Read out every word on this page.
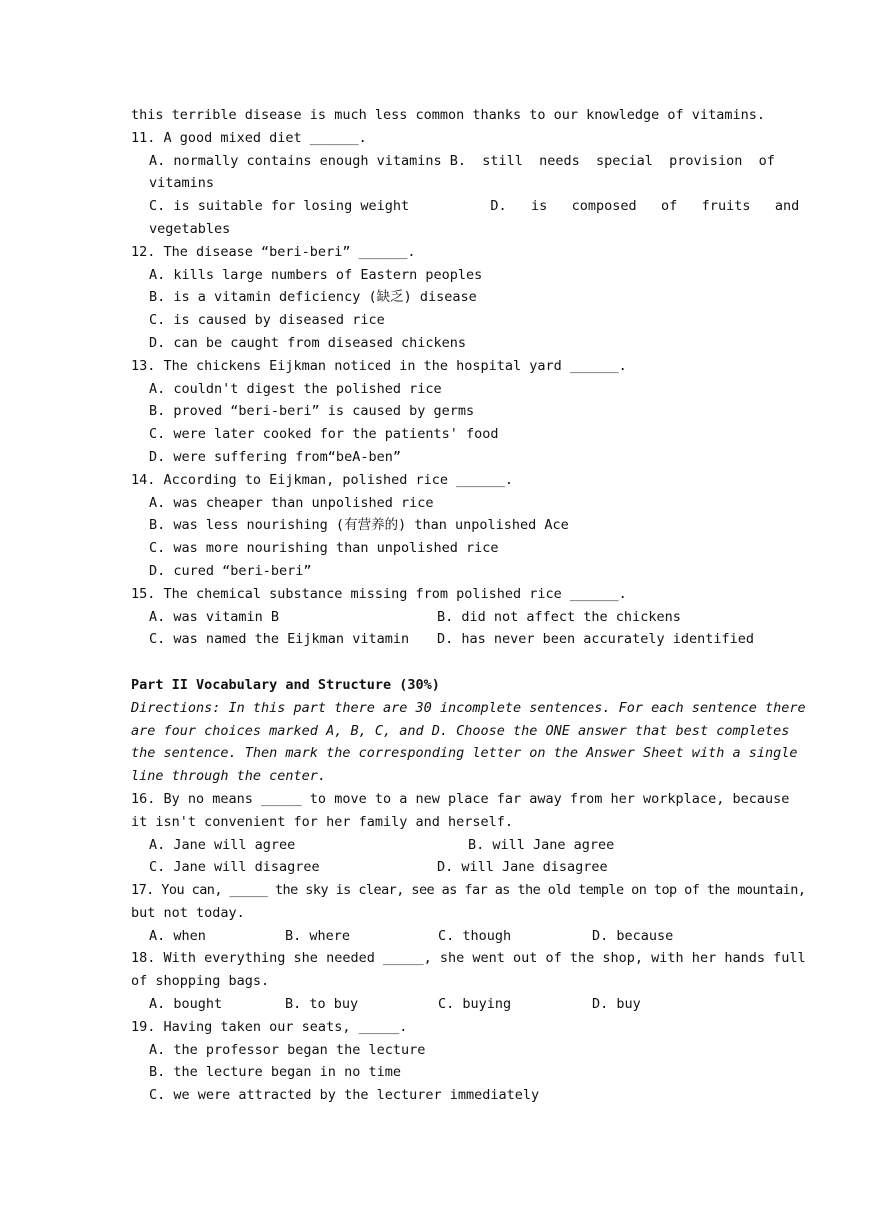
this terrible disease is much less common thanks to our knowledge of vitamins.
11. A good mixed diet ______.
A. normally contains enough vitamins B.  still  needs  special  provision  of
vitamins
C. is suitable for losing weight          D.   is   composed   of   fruits   and
vegetables
12. The disease “beri-beri” ______.
A. kills large numbers of Eastern peoples
B. is a vitamin deficiency (缺乏) disease
C. is caused by diseased rice
D. can be caught from diseased chickens
13. The chickens Eijkman noticed in the hospital yard ______.
A. couldn't digest the polished rice
B. proved “beri-beri” is caused by germs
C. were later cooked for the patients' food
D. were suffering from“beA-ben”
14. According to Eijkman, polished rice ______.
A. was cheaper than unpolished rice
B. was less nourishing (有营养的) than unpolished Ace
C. was more nourishing than unpolished rice
D. cured “beri-beri”
15. The chemical substance missing from polished rice ______.
A. was vitamin B	B. did not affect the chickens
C. was named the Eijkman vitamin	D. has never been accurately identified
Part II Vocabulary and Structure (30%)
Directions: In this part there are 30 incomplete sentences. For each sentence there
are four choices marked A, B, C, and D. Choose the ONE answer that best completes
the sentence. Then mark the corresponding letter on the Answer Sheet with a single
line through the center.
16. By no means _____ to move to a new place far away from her workplace, because
it isn't convenient for her family and herself.
A. Jane will agree	B. will Jane agree
C. Jane will disagree	D. will Jane disagree
17. You can, _____ the sky is clear, see as far as the old temple on top of the mountain,
but not today.
A. when	B. where	C. though	D. because
18. With everything she needed _____, she went out of the shop, with her hands full
of shopping bags.
A. bought	B. to buy	C. buying	D. buy
19. Having taken our seats, _____.
A. the professor began the lecture
B. the lecture began in no time
C. we were attracted by the lecturer immediately
